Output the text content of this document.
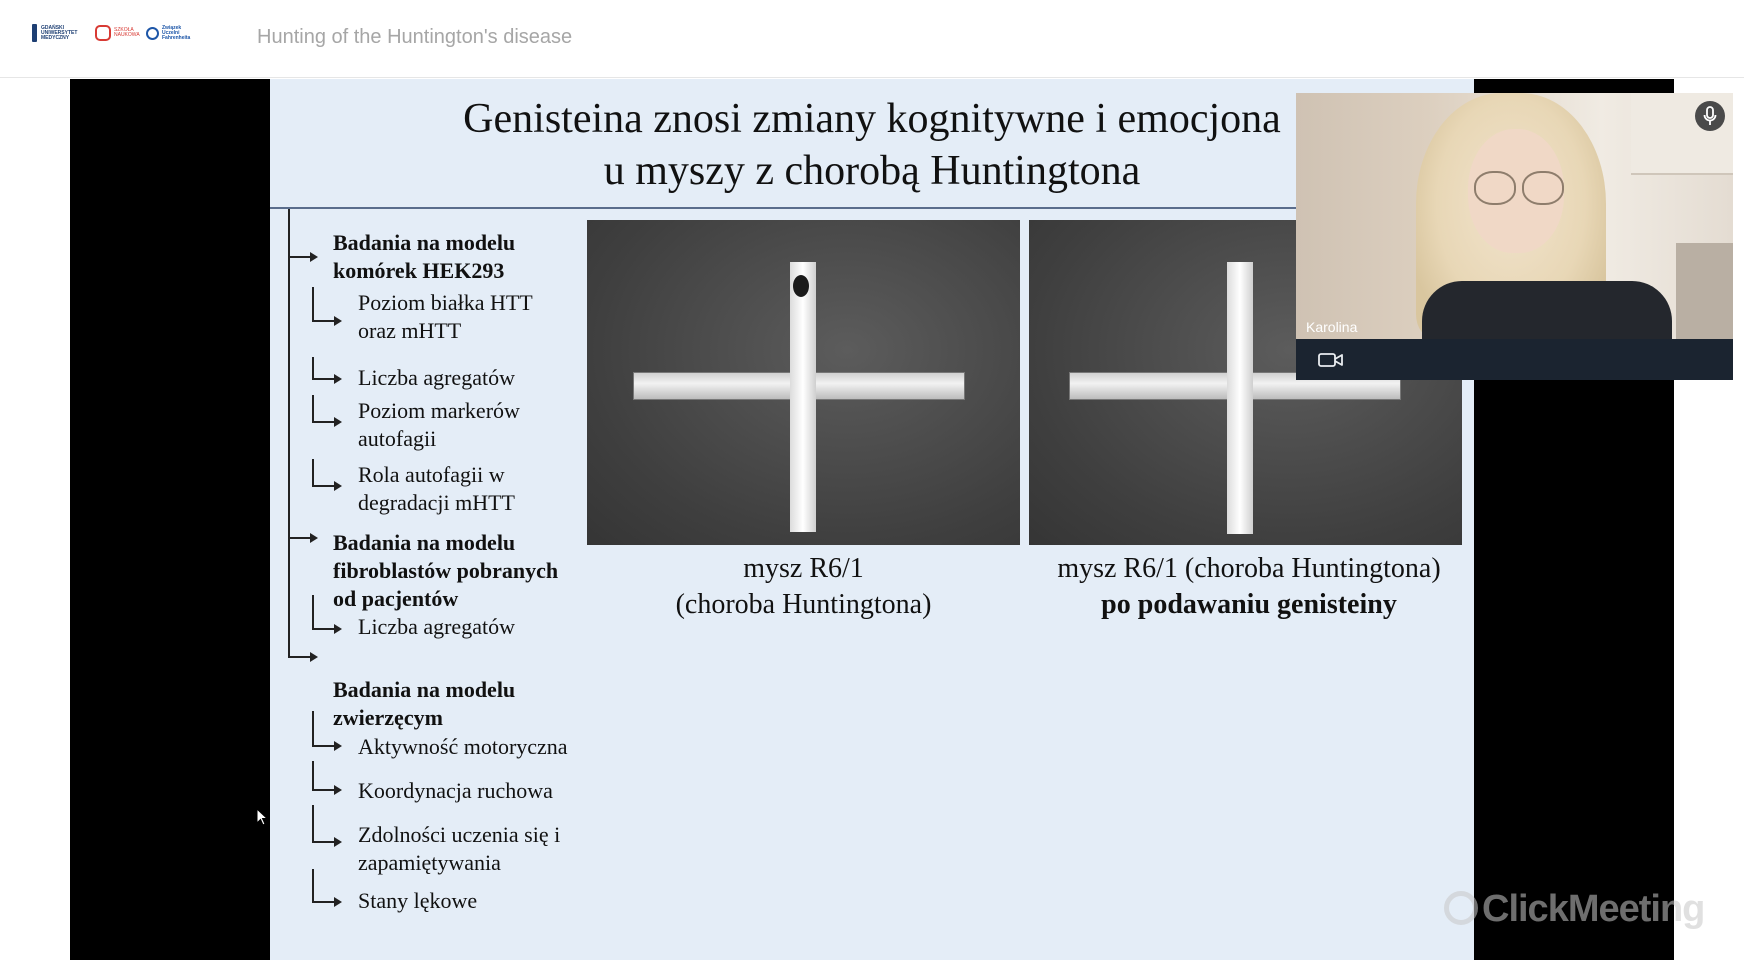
GDAŃSKI UNIWERSYTET MEDYCZNY
SZKOŁA NAUKOWA
Związek Uczelni Fahrenheita	Hunting of the Huntington's disease
Genisteina znosi zmiany kognitywne i emocjona
u myszy z chorobą Huntingtona
Badania na modelu komórek HEK293
Poziom białka HTT oraz mHTT
Liczba agregatów
Poziom markerów autofagii
Rola autofagii w degradacji mHTT
Badania na modelu fibroblastów pobranych od pacjentów
Liczba agregatów
Badania na modelu zwierzęcym
Aktywność motoryczna
Koordynacja ruchowa
Zdolności uczenia się i zapamiętywania
Stany lękowe
mysz R6/1
(choroba Huntingtona)
mysz R6/1 (choroba Huntingtona)
po podawaniu genisteiny
Karolina
ClickMeeting
